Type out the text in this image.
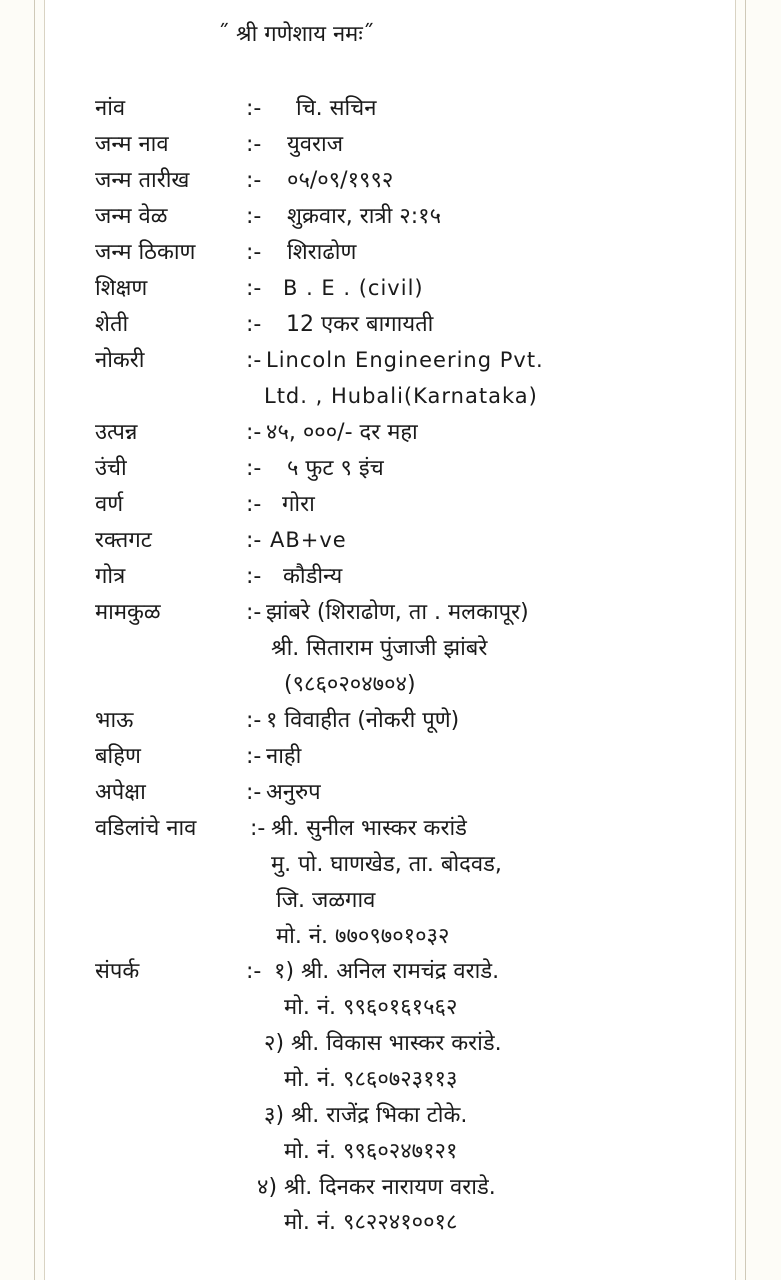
˝ श्री गणेशाय नमः˝
नांव	:- चि. सचिन
जन्म नाव	:- युवराज
जन्म तारीख	:- ०५/०९/१९९२
जन्म वेळ	:- शुक्रवार, रात्री २:१५
जन्म ठिकाण :- शिराढोण
शिक्षण	:- B . E . (civil)
शेती	:- 12 एकर बागायती
नोकरी	:- Lincoln Engineering Pvt.
Ltd. , Hubali(Karnataka)
उत्पन्न	:- ४५, ०००/- दर महा
उंची	:- ५ फुट ९ इंच
वर्ण	:- गोरा
रक्तगट	:- AB+ve
गोत्र	:- कौडीन्य
मामकुळ	:- झांबरे (शिराढोण, ता . मलकापूर)
श्री. सिताराम पुंजाजी झांबरे
(९८६०२०४७०४)
भाऊ	:- १ विवाहीत (नोकरी पूणे)
बहिण	:- नाही
अपेक्षा	:- अनुरुप
वडिलांचे नाव :- श्री. सुनील भास्कर करांडे
मु. पो. घाणखेड, ता. बोदवड,
जि. जळगाव
मो. नं. ७७०९७०१०३२
संपर्क	:- १) श्री. अनिल रामचंद्र वराडे.
मो. नं. ९९६०१६१५६२
२) श्री. विकास भास्कर करांडे.
मो. नं. ९८६०७२३११३
३) श्री. राजेंद्र भिका टोके.
मो. नं. ९९६०२४७१२१
४) श्री. दिनकर नारायण वराडे.
मो. नं. ९८२२४१००१८
